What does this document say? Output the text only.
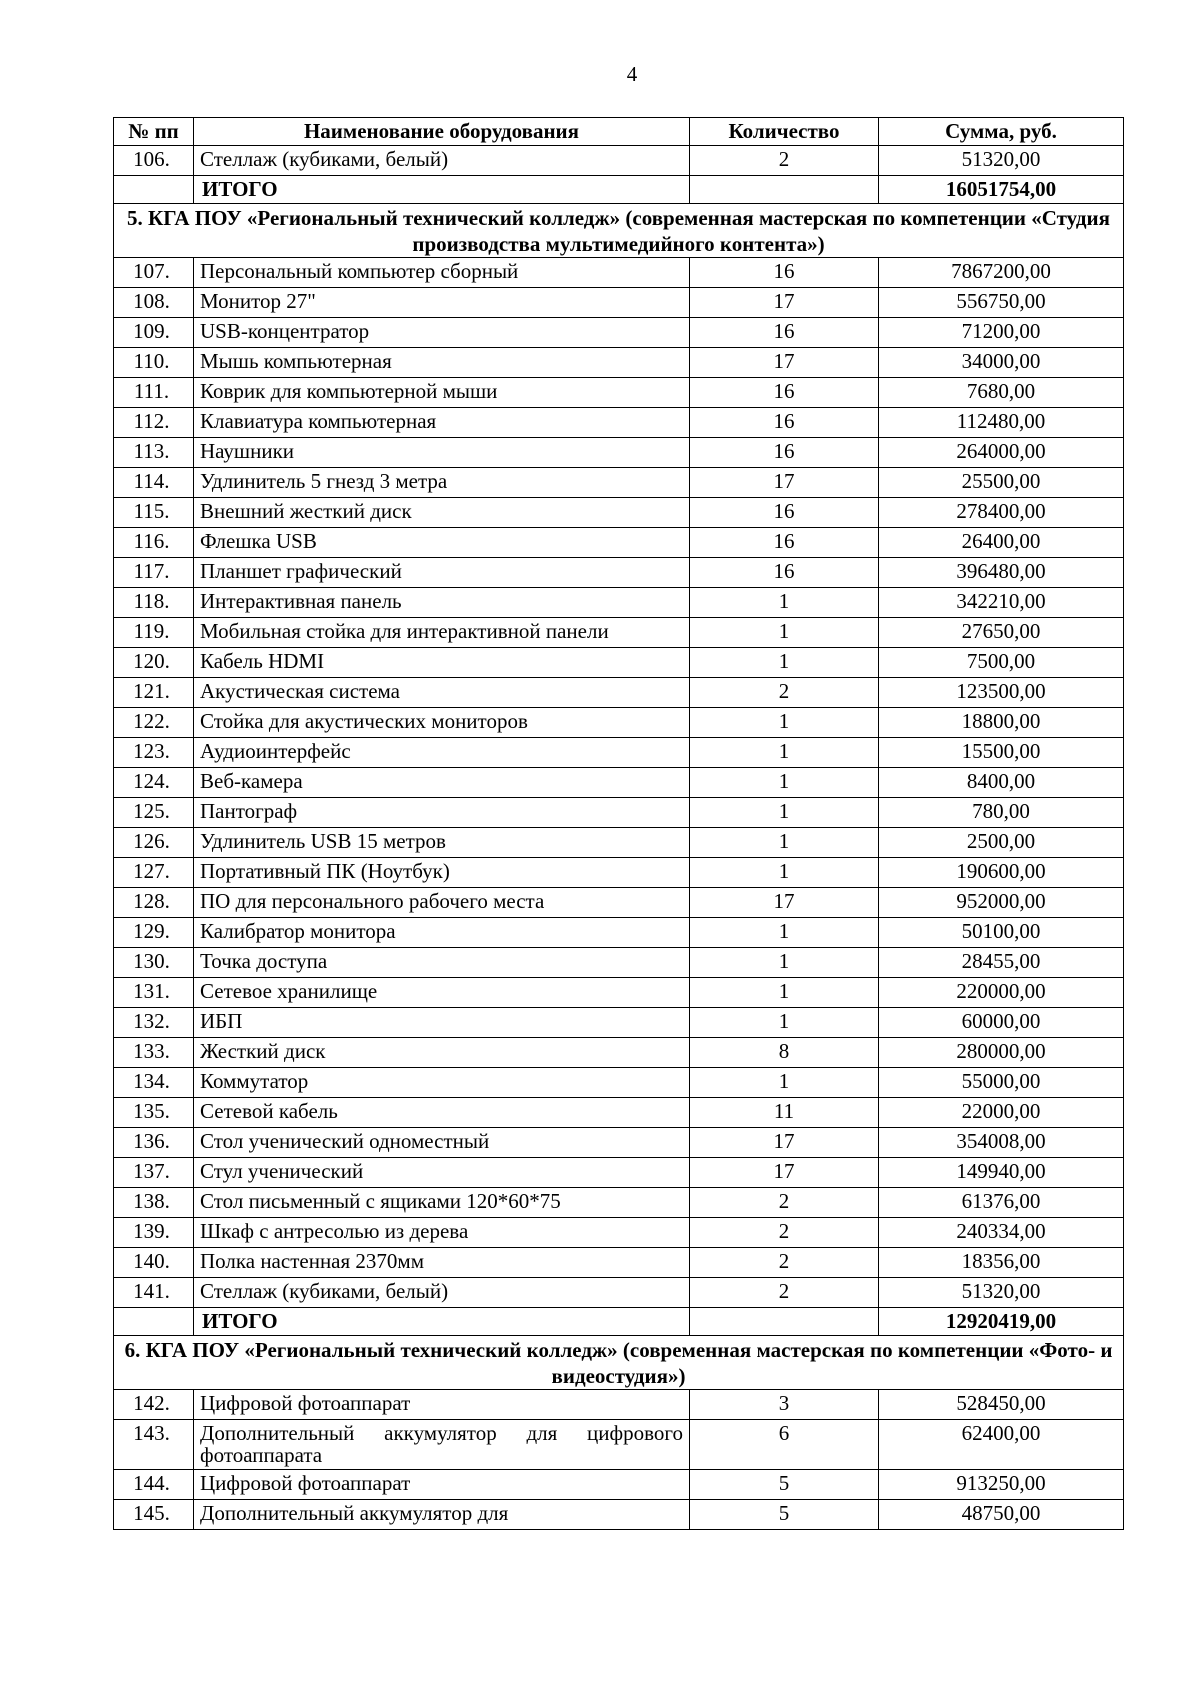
4
№ пп	Наименование оборудования	Количество	Сумма, руб.
106.	Стеллаж (кубиками, белый)	2	51320,00
	ИТОГО		16051754,00
5. КГА ПОУ «Региональный технический колледж» (современная мастерская по компетенции «Студия производства мультимедийного контента»)			
107.	Персональный компьютер сборный	16	7867200,00
108.	Монитор 27"	17	556750,00
109.	USB-концентратор	16	71200,00
110.	Мышь компьютерная	17	34000,00
111.	Коврик для компьютерной мыши	16	7680,00
112.	Клавиатура компьютерная	16	112480,00
113.	Наушники	16	264000,00
114.	Удлинитель 5 гнезд 3 метра	17	25500,00
115.	Внешний жесткий диск	16	278400,00
116.	Флешка USB	16	26400,00
117.	Планшет графический	16	396480,00
118.	Интерактивная панель	1	342210,00
119.	Мобильная стойка для интерактивной панели	1	27650,00
120.	Кабель HDMI	1	7500,00
121.	Акустическая система	2	123500,00
122.	Стойка для акустических мониторов	1	18800,00
123.	Аудиоинтерфейс	1	15500,00
124.	Веб-камера	1	8400,00
125.	Пантограф	1	780,00
126.	Удлинитель USB 15 метров	1	2500,00
127.	Портативный ПК (Ноутбук)	1	190600,00
128.	ПО для персонального рабочего места	17	952000,00
129.	Калибратор монитора	1	50100,00
130.	Точка доступа	1	28455,00
131.	Сетевое хранилище	1	220000,00
132.	ИБП	1	60000,00
133.	Жесткий диск	8	280000,00
134.	Коммутатор	1	55000,00
135.	Сетевой кабель	11	22000,00
136.	Стол ученический одноместный	17	354008,00
137.	Стул ученический	17	149940,00
138.	Стол письменный с ящиками 120*60*75	2	61376,00
139.	Шкаф с антресолью из дерева	2	240334,00
140.	Полка настенная 2370мм	2	18356,00
141.	Стеллаж (кубиками, белый)	2	51320,00
	ИТОГО		12920419,00
6. КГА ПОУ «Региональный технический колледж» (современная мастерская по компетенции «Фото- и видеостудия»)			
142.	Цифровой фотоаппарат	3	528450,00
143.	Дополнительный аккумулятор для цифрового фотоаппарата	6	62400,00
144.	Цифровой фотоаппарат	5	913250,00
145.	Дополнительный аккумулятор для	5	48750,00
